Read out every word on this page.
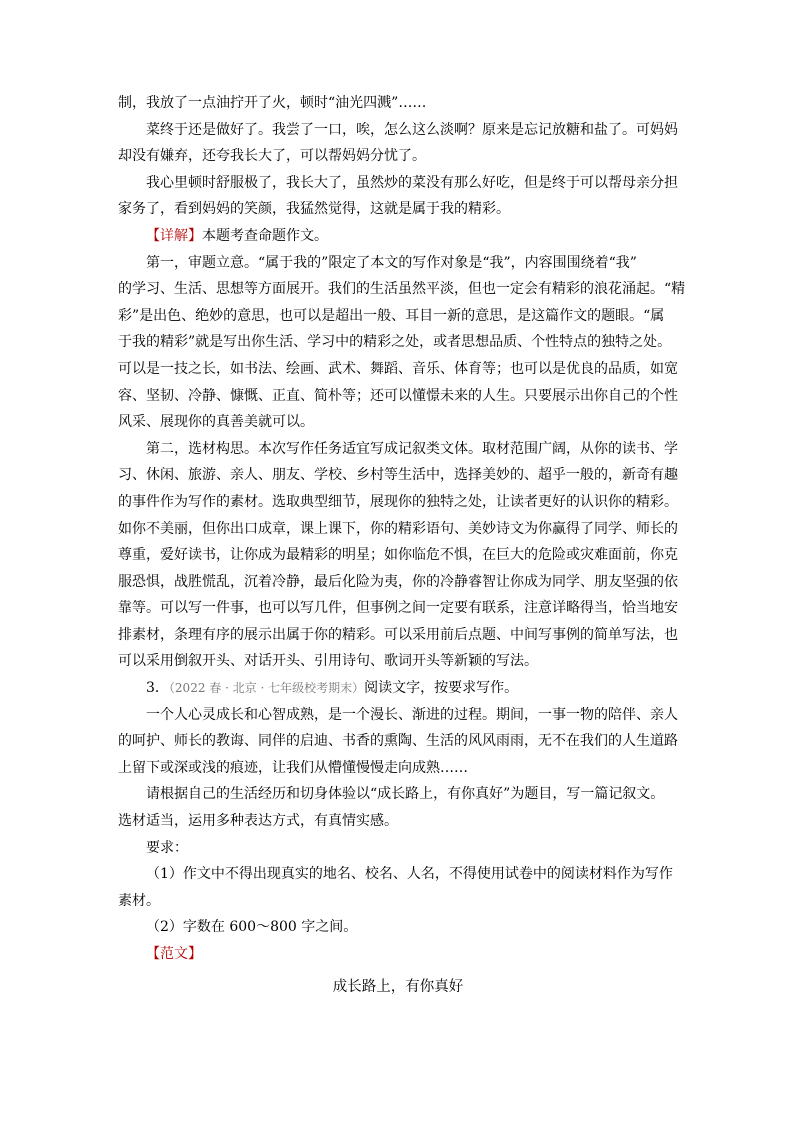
制，我放了一点油拧开了火，顿时“油光四溅”……
菜终于还是做好了。我尝了一口，唉，怎么这么淡啊？原来是忘记放糖和盐了。可妈妈
却没有嫌弃，还夸我长大了，可以帮妈妈分忧了。
我心里顿时舒服极了，我长大了，虽然炒的菜没有那么好吃，但是终于可以帮母亲分担
家务了，看到妈妈的笑颜，我猛然觉得，这就是属于我的精彩。
【详解】本题考查命题作文。
第一，审题立意。“属于我的”限定了本文的写作对象是“我”，内容围围绕着“我”
的学习、生活、思想等方面展开。我们的生活虽然平淡，但也一定会有精彩的浪花涌起。“精
彩”是出色、绝妙的意思，也可以是超出一般、耳目一新的意思，是这篇作文的题眼。“属
于我的精彩”就是写出你生活、学习中的精彩之处，或者思想品质、个性特点的独特之处。
可以是一技之长，如书法、绘画、武术、舞蹈、音乐、体育等；也可以是优良的品质，如宽
容、坚韧、冷静、慷慨、正直、简朴等；还可以懂憬未来的人生。只要展示出你自己的个性
风采、展现你的真善美就可以。
第二，选材构思。本次写作任务适宜写成记叙类文体。取材范围广阔，从你的读书、学
习、休闲、旅游、亲人、朋友、学校、乡村等生活中，选择美妙的、超乎一般的，新奇有趣
的事件作为写作的素材。选取典型细节，展现你的独特之处，让读者更好的认识你的精彩。
如你不美丽，但你出口成章，课上课下，你的精彩语句、美妙诗文为你赢得了同学、师长的
尊重，爱好读书，让你成为最精彩的明星；如你临危不惧，在巨大的危险或灾难面前，你克
服恐惧，战胜慌乱，沉着冷静，最后化险为夷，你的冷静睿智让你成为同学、朋友坚强的依
靠等。可以写一件事，也可以写几件，但事例之间一定要有联系，注意详略得当，恰当地安
排素材，条理有序的展示出属于你的精彩。可以采用前后点题、中间写事例的简单写法，也
可以采用倒叙开头、对话开头、引用诗句、歌词开头等新颖的写法。
3．（2022 春 · 北京 · 七年级校考期末）阅读文字，按要求写作。
一个人心灵成长和心智成熟，是一个漫长、渐进的过程。期间，一事一物的陪伴、亲人
的呵护、师长的教诲、同伴的启迪、书香的熏陶、生活的风风雨雨，无不在我们的人生道路
上留下或深或浅的痕迹，让我们从懵懂慢慢走向成熟……
请根据自己的生活经历和切身体验以“成长路上，有你真好”为题目，写一篇记叙文。
选材适当，运用多种表达方式，有真情实感。
要求：
（1）作文中不得出现真实的地名、校名、人名，不得使用试卷中的阅读材料作为写作
素材。
（2）字数在 600～800 字之间。
【范文】
成长路上，有你真好
